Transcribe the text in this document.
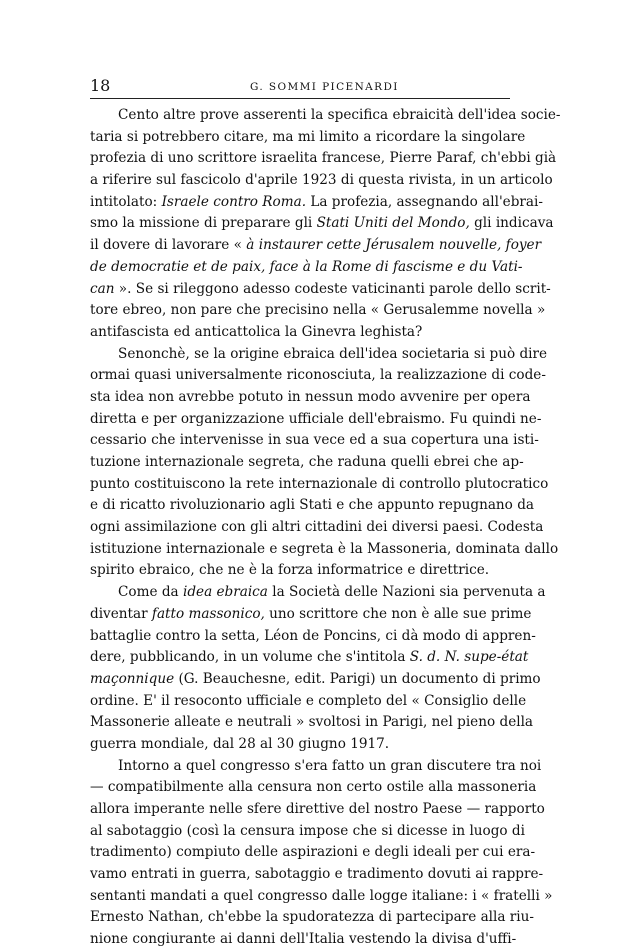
18	G. SOMMI PICENARDI
Cento altre prove asserenti la specifica ebraicità dell'idea socie-
taria si potrebbero citare, ma mi limito a ricordare la singolare
profezia di uno scrittore israelita francese, Pierre Paraf, ch'ebbi già
a riferire sul fascicolo d'aprile 1923 di questa rivista, in un articolo
intitolato: Israele contro Roma. La profezia, assegnando all'ebrai-
smo la missione di preparare gli Stati Uniti del Mondo, gli indicava
il dovere di lavorare « à instaurer cette Jérusalem nouvelle, foyer
de democratie et de paix, face à la Rome di fascisme e du Vati-
can ». Se si rileggono adesso codeste vaticinanti parole dello scrit-
tore ebreo, non pare che precisino nella « Gerusalemme novella »
antifascista ed anticattolica la Ginevra leghista?
Senonchè, se la origine ebraica dell'idea societaria si può dire
ormai quasi universalmente riconosciuta, la realizzazione di code-
sta idea non avrebbe potuto in nessun modo avvenire per opera
diretta e per organizzazione ufficiale dell'ebraismo. Fu quindi ne-
cessario che intervenisse in sua vece ed a sua copertura una isti-
tuzione internazionale segreta, che raduna quelli ebrei che ap-
punto costituiscono la rete internazionale di controllo plutocratico
e di ricatto rivoluzionario agli Stati e che appunto repugnano da
ogni assimilazione con gli altri cittadini dei diversi paesi. Codesta
istituzione internazionale e segreta è la Massoneria, dominata dallo
spirito ebraico, che ne è la forza informatrice e direttrice.
Come da idea ebraica la Società delle Nazioni sia pervenuta a
diventar fatto massonico, uno scrittore che non è alle sue prime
battaglie contro la setta, Léon de Poncins, ci dà modo di appren-
dere, pubblicando, in un volume che s'intitola S. d. N. supe-état
maçonnique (G. Beauchesne, edit. Parigi) un documento di primo
ordine. E' il resoconto ufficiale e completo del « Consiglio delle
Massonerie alleate e neutrali » svoltosi in Parigi, nel pieno della
guerra mondiale, dal 28 al 30 giugno 1917.
Intorno a quel congresso s'era fatto un gran discutere tra noi
— compatibilmente alla censura non certo ostile alla massoneria
allora imperante nelle sfere direttive del nostro Paese — rapporto
al sabotaggio (così la censura impose che si dicesse in luogo di
tradimento) compiuto delle aspirazioni e degli ideali per cui era-
vamo entrati in guerra, sabotaggio e tradimento dovuti ai rappre-
sentanti mandati a quel congresso dalle logge italiane: i « fratelli »
Ernesto Nathan, ch'ebbe la spudoratezza di partecipare alla riu-
nione congiurante ai danni dell'Italia vestendo la divisa d'uffi-
